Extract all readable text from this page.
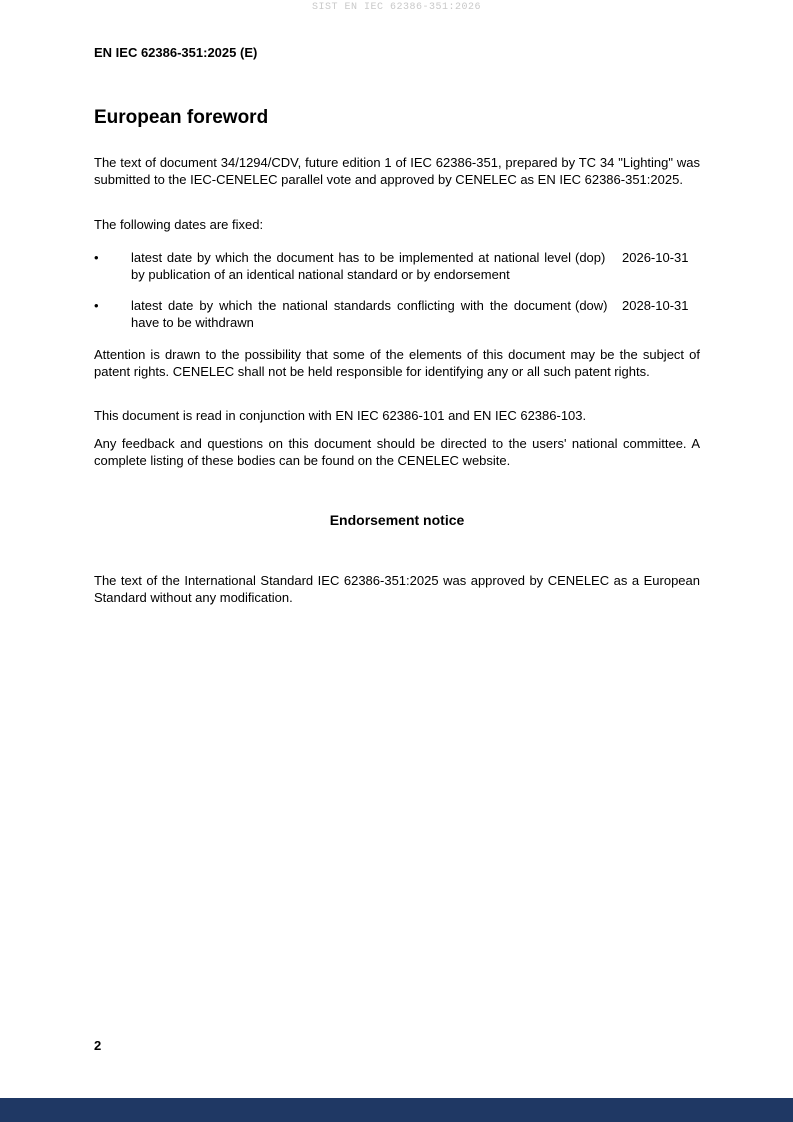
SIST EN IEC 62386-351:2026
EN IEC 62386-351:2025 (E)
European foreword

The text of document 34/1294/CDV, future edition 1 of IEC 62386-351, prepared by TC 34 "Lighting" was submitted to the IEC-CENELEC parallel vote and approved by CENELEC as EN IEC 62386-351:2025.

The following dates are fixed:

•	latest date by which the document has to be implemented at national level by publication of an identical national standard or by endorsement
(dop)	2026-10-31
•	latest date by which the national standards conflicting with the document have to be withdrawn
(dow)	2028-10-31

Attention is drawn to the possibility that some of the elements of this document may be the subject of patent rights. CENELEC shall not be held responsible for identifying any or all such patent rights.

This document is read in conjunction with EN IEC 62386-101 and EN IEC 62386-103.

Any feedback and questions on this document should be directed to the users' national committee. A complete listing of these bodies can be found on the CENELEC website.

Endorsement notice

The text of the International Standard IEC 62386-351:2025 was approved by CENELEC as a European Standard without any modification.

2
